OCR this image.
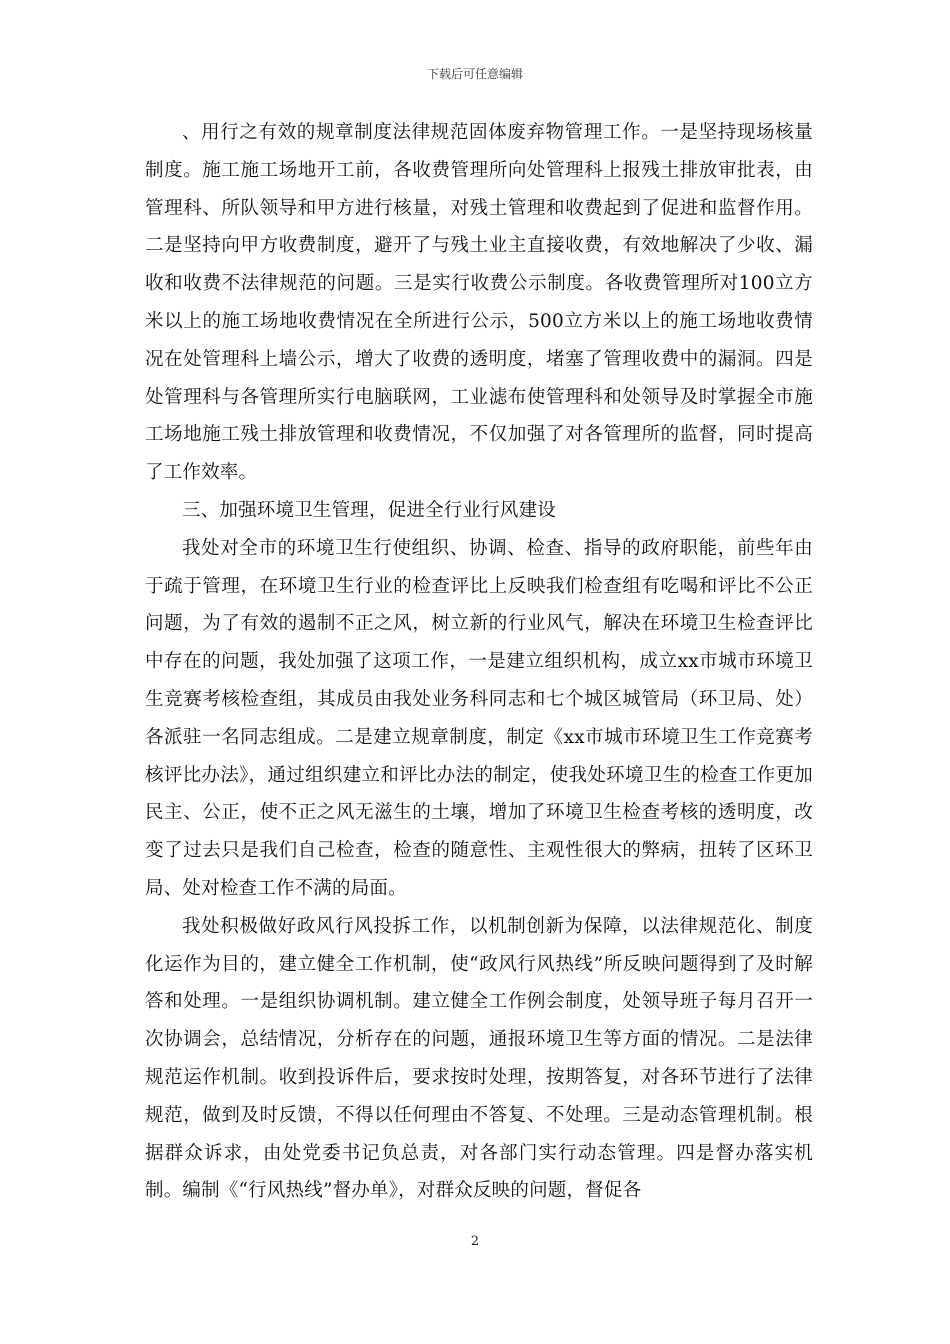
下载后可任意编辑

、用行之有效的规章制度法律规范固体废弃物管理工作。一是坚持现场核量制度。施工施工场地开工前，各收费管理所向处管理科上报残土排放审批表，由管理科、所队领导和甲方进行核量，对残土管理和收费起到了促进和监督作用。二是坚持向甲方收费制度，避开了与残土业主直接收费，有效地解决了少收、漏收和收费不法律规范的问题。三是实行收费公示制度。各收费管理所对100立方米以上的施工场地收费情况在全所进行公示，500立方米以上的施工场地收费情况在处管理科上墙公示，增大了收费的透明度，堵塞了管理收费中的漏洞。四是处管理科与各管理所实行电脑联网，工业滤布使管理科和处领导及时掌握全市施工场地施工残土排放管理和收费情况，不仅加强了对各管理所的监督，同时提高了工作效率。

三、加强环境卫生管理，促进全行业行风建设

我处对全市的环境卫生行使组织、协调、检查、指导的政府职能，前些年由于疏于管理，在环境卫生行业的检查评比上反映我们检查组有吃喝和评比不公正问题，为了有效的遏制不正之风，树立新的行业风气，解决在环境卫生检查评比中存在的问题，我处加强了这项工作，一是建立组织机构，成立xx市城市环境卫生竞赛考核检查组，其成员由我处业务科同志和七个城区城管局（环卫局、处）各派驻一名同志组成。二是建立规章制度，制定《xx市城市环境卫生工作竞赛考核评比办法》，通过组织建立和评比办法的制定，使我处环境卫生的检查工作更加民主、公正，使不正之风无滋生的土壤，增加了环境卫生检查考核的透明度，改变了过去只是我们自己检查，检查的随意性、主观性很大的弊病，扭转了区环卫局、处对检查工作不满的局面。

我处积极做好政风行风投拆工作，以机制创新为保障，以法律规范化、制度化运作为目的，建立健全工作机制，使“政风行风热线”所反映问题得到了及时解答和处理。一是组织协调机制。建立健全工作例会制度，处领导班子每月召开一次协调会，总结情况，分析存在的问题，通报环境卫生等方面的情况。二是法律规范运作机制。收到投诉件后，要求按时处理，按期答复，对各环节进行了法律规范，做到及时反馈，不得以任何理由不答复、不处理。三是动态管理机制。根据群众诉求，由处党委书记负总责，对各部门实行动态管理。四是督办落实机制。编制《“行风热线”督办单》，对群众反映的问题，督促各

2
